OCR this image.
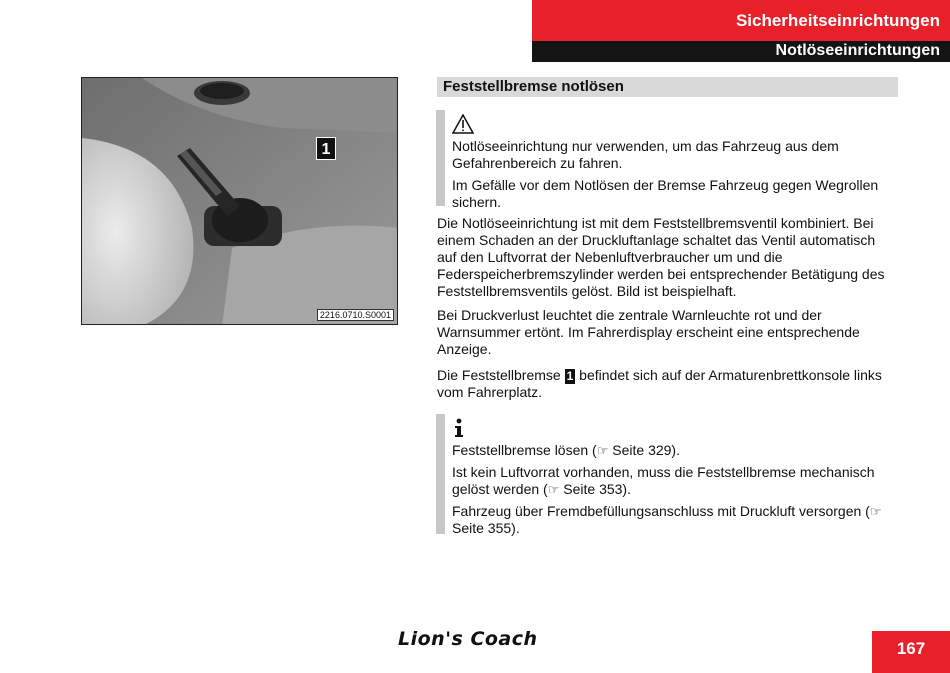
Sicherheitseinrichtungen
Notlöseeinrichtungen
1
2216.0710.S0001
Feststellbremse notlösen

Notlöseeinrichtung nur verwenden, um das Fahrzeug aus dem Gefahrenbereich zu fahren.

Im Gefälle vor dem Notlösen der Bremse Fahrzeug gegen Wegrollen sichern.

Die Notlöseeinrichtung ist mit dem Feststellbremsventil kombiniert. Bei einem Schaden an der Druckluftanlage schaltet das Ventil automatisch auf den Luftvorrat der Nebenluftverbraucher um und die Federspeicherbremszylinder werden bei entsprechender Betätigung des Feststellbremsventils gelöst. Bild ist beispielhaft.

Bei Druckverlust leuchtet die zentrale Warnleuchte rot und der Warnsummer ertönt. Im Fahrerdisplay erscheint eine entsprechende Anzeige.

Die Feststellbremse 1 befindet sich auf der Armaturenbrettkonsole links vom Fahrerplatz.

Feststellbremse lösen (☞ Seite 329).

Ist kein Luftvorrat vorhanden, muss die Feststellbremse mechanisch gelöst werden (☞ Seite 353).

Fahrzeug über Fremdbefüllungsanschluss mit Druckluft versorgen (☞ Seite 355).

Lion's Coach	167
